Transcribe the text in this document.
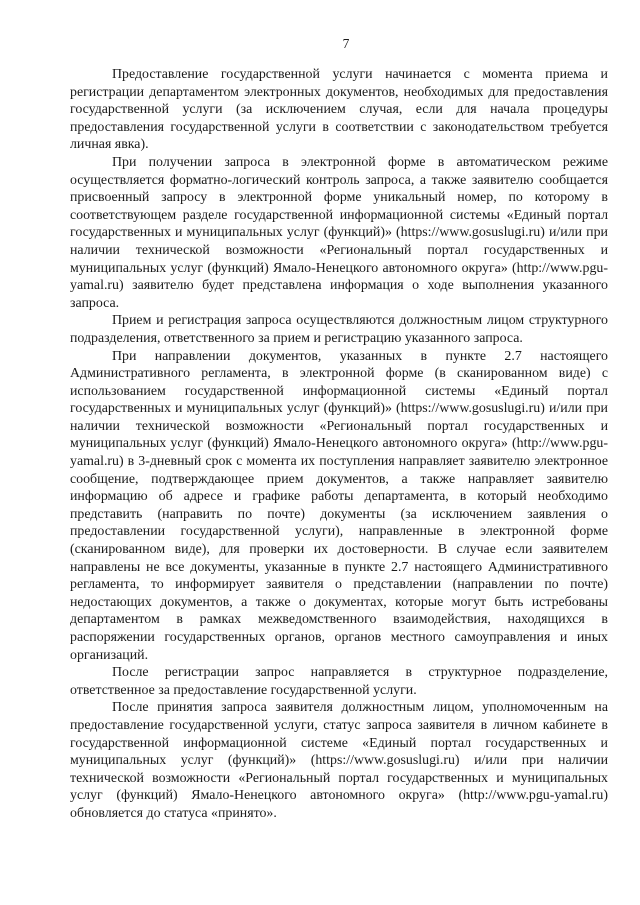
7

Предоставление государственной услуги начинается с момента приема и регистрации департаментом электронных документов, необходимых для предоставления государственной услуги (за исключением случая, если для начала процедуры предоставления государственной услуги в соответствии с законодательством требуется личная явка).

При получении запроса в электронной форме в автоматическом режиме осуществляется форматно-логический контроль запроса, а также заявителю сообщается присвоенный запросу в электронной форме уникальный номер, по которому в соответствующем разделе государственной информационной системы «Единый портал государственных и муниципальных услуг (функций)» (https://www.gosuslugi.ru) и/или при наличии технической возможности «Региональный портал государственных и муниципальных услуг (функций) Ямало-Ненецкого автономного округа» (http://www.pgu-yamal.ru) заявителю будет представлена информация о ходе выполнения указанного запроса.

Прием и регистрация запроса осуществляются должностным лицом структурного подразделения, ответственного за прием и регистрацию указанного запроса.

При направлении документов, указанных в пункте 2.7 настоящего Административного регламента, в электронной форме (в сканированном виде) с использованием государственной информационной системы «Единый портал государственных и муниципальных услуг (функций)» (https://www.gosuslugi.ru) и/или при наличии технической возможности «Региональный портал государственных и муниципальных услуг (функций) Ямало-Ненецкого автономного округа» (http://www.pgu-yamal.ru) в 3-дневный срок с момента их поступления направляет заявителю электронное сообщение, подтверждающее прием документов, а также направляет заявителю информацию об адресе и графике работы департамента, в который необходимо представить (направить по почте) документы (за исключением заявления о предоставлении государственной услуги), направленные в электронной форме (сканированном виде), для проверки их достоверности. В случае если заявителем направлены не все документы, указанные в пункте 2.7 настоящего Административного регламента, то информирует заявителя о представлении (направлении по почте) недостающих документов, а также о документах, которые могут быть истребованы департаментом в рамках межведомственного взаимодействия, находящихся в распоряжении государственных органов, органов местного самоуправления и иных организаций.

После регистрации запрос направляется в структурное подразделение, ответственное за предоставление государственной услуги.

После принятия запроса заявителя должностным лицом, уполномоченным на предоставление государственной услуги, статус запроса заявителя в личном кабинете в государственной информационной системе «Единый портал государственных и муниципальных услуг (функций)» (https://www.gosuslugi.ru) и/или при наличии технической возможности «Региональный портал государственных и муниципальных услуг (функций) Ямало-Ненецкого автономного округа» (http://www.pgu-yamal.ru) обновляется до статуса «принято».
